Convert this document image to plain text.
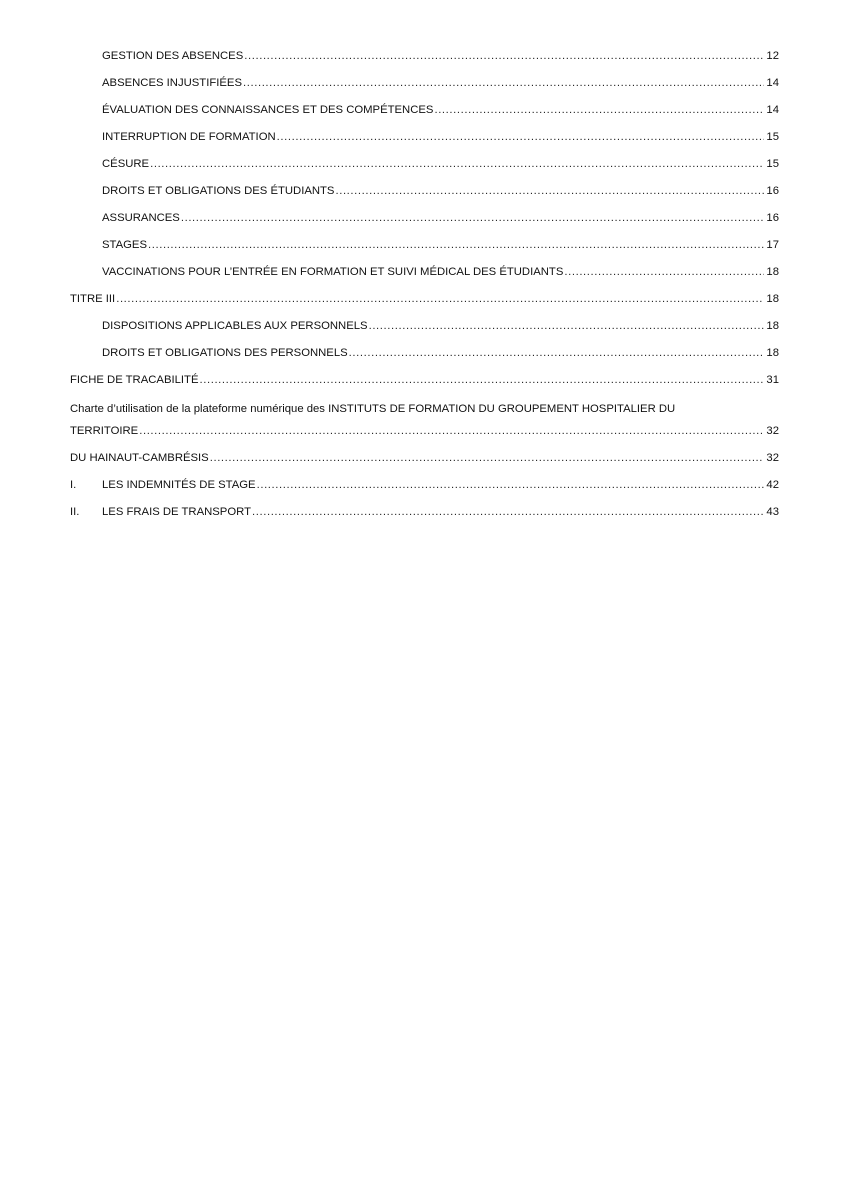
GESTION DES ABSENCES .....	12
ABSENCES INJUSTIFIÉES .....	14
ÉVALUATION DES CONNAISSANCES ET DES COMPÉTENCES .....	14
INTERRUPTION DE FORMATION .....	15
CÉSURE .....	15
DROITS ET OBLIGATIONS DES ÉTUDIANTS .....	16
ASSURANCES .....	16
STAGES .....	17
VACCINATIONS POUR L’ENTRÉE EN FORMATION ET SUIVI MÉDICAL DES ÉTUDIANTS .....	18
TITRE III .....	18
DISPOSITIONS APPLICABLES AUX PERSONNELS .....	18
DROITS ET OBLIGATIONS DES PERSONNELS .....	18
FICHE DE TRACABILITÉ .....	31
Charte d’utilisation de la plateforme numérique des INSTITUTS DE FORMATION DU GROUPEMENT HOSPITALIER DU
TERRITOIRE .....	32
DU HAINAUT-CAMBRÉSIS .....	32
I.	LES INDEMNITÉS DE STAGE .....	42
II.	LES FRAIS DE TRANSPORT .....	43
